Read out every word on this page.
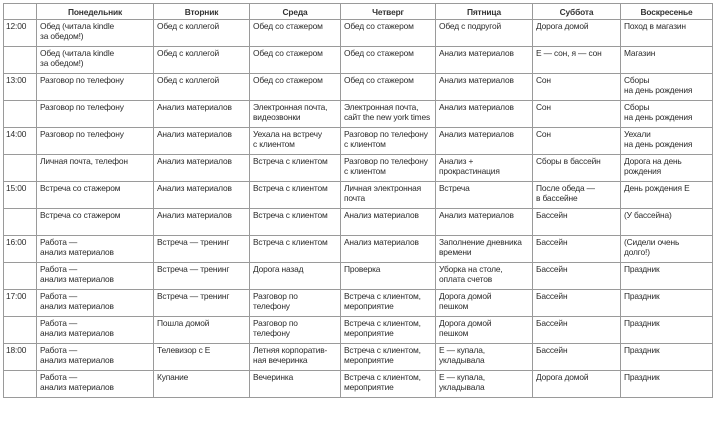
	Понедельник	Вторник	Среда	Четверг	Пятница	Суббота	Воскресенье
12:00	Обед (читала kindle
за обедом!)	Обед с коллегой	Обед со стажером	Обед со стажером	Обед с подругой	Дорога домой	Поход в магазин
	Обед (читала kindle
за обедом!)	Обед с коллегой	Обед со стажером	Обед со стажером	Анализ материалов	Е — сон, я — сон	Магазин
13:00	Разговор по телефону	Обед с коллегой	Обед со стажером	Обед со стажером	Анализ материалов	Сон	Сборы
на день рождения
	Разговор по телефону	Анализ материалов	Электронная почта,
видеозвонки	Электронная почта,
сайт the new york times	Анализ материалов	Сон	Сборы
на день рождения
14:00	Разговор по телефону	Анализ материалов	Уехала на встречу
с клиентом	Разговор по телефону
с клиентом	Анализ материалов	Сон	Уехали
на день рождения
	Личная почта, телефон	Анализ материалов	Встреча с клиентом	Разговор по телефону
с клиентом	Анализ +
прокрастинация	Сборы в бассейн	Дорога на день
рождения
15:00	Встреча со стажером	Анализ материалов	Встреча с клиентом	Личная электронная
почта	Встреча	После обеда —
в бассейне	День рождения Е
	Встреча со стажером	Анализ материалов	Встреча с клиентом	Анализ материалов	Анализ материалов	Бассейн	(У бассейна)
16:00	Работа —
анализ материалов	Встреча — тренинг	Встреча с клиентом	Анализ материалов	Заполнение дневника
времени	Бассейн	(Сидели очень
долго!)
	Работа —
анализ материалов	Встреча — тренинг	Дорога назад	Проверка	Уборка на столе,
оплата счетов	Бассейн	Праздник
17:00	Работа —
анализ материалов	Встреча — тренинг	Разговор по
телефону	Встреча с клиентом,
мероприятие	Дорога домой
пешком	Бассейн	Праздник
	Работа —
анализ материалов	Пошла домой	Разговор по
телефону	Встреча с клиентом,
мероприятие	Дорога домой
пешком	Бассейн	Праздник
18:00	Работа —
анализ материалов	Телевизор с Е	Летняя корпоратив-
ная вечеринка	Встреча с клиентом,
мероприятие	Е — купала,
укладывала	Бассейн	Праздник
	Работа —
анализ материалов	Купание	Вечеринка	Встреча с клиентом,
мероприятие	Е — купала,
укладывала	Дорога домой	Праздник
